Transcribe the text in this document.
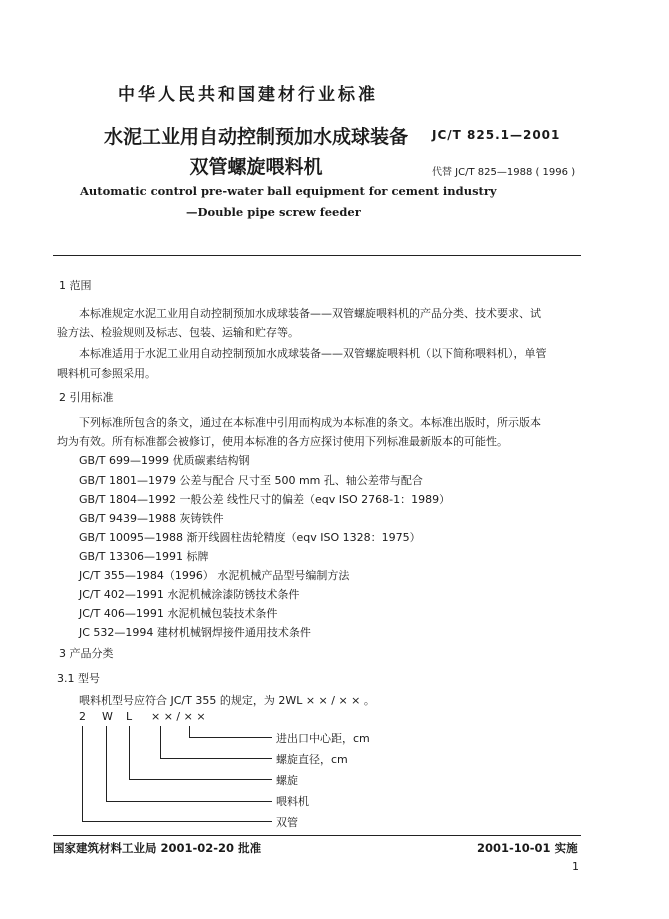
中华人民共和国建材行业标准
水泥工业用自动控制预加水成球装备
双管螺旋喂料机
JC/T 825.1—2001
代替 JC/T 825—1988 ( 1996 )
Automatic control pre-water ball equipment for cement industry
—Double pipe screw feeder
1 范围
本标准规定水泥工业用自动控制预加水成球装备——双管螺旋喂料机的产品分类、技术要求、试
验方法、检验规则及标志、包装、运输和贮存等。
本标准适用于水泥工业用自动控制预加水成球装备——双管螺旋喂料机（以下简称喂料机），单管
喂料机可参照采用。
2 引用标准
下列标准所包含的条文，通过在本标准中引用而构成为本标准的条文。本标准出版时，所示版本
均为有效。所有标准都会被修订，使用本标准的各方应探讨使用下列标准最新版本的可能性。
GB/T 699—1999 优质碳素结构钢
GB/T 1801—1979 公差与配合 尺寸至 500 mm 孔、轴公差带与配合
GB/T 1804—1992 一般公差 线性尺寸的偏差（eqv ISO 2768-1：1989）
GB/T 9439—1988 灰铸铁件
GB/T 10095—1988 渐开线圆柱齿轮精度（eqv ISO 1328：1975）
GB/T 13306—1991 标牌
JC/T 355—1984（1996） 水泥机械产品型号编制方法
JC/T 402—1991 水泥机械涂漆防锈技术条件
JC/T 406—1991 水泥机械包装技术条件
JC 532—1994 建材机械钢焊接件通用技术条件
3 产品分类
3.1 型号
喂料机型号应符合 JC/T 355 的规定，为 2WL × × / × × 。
2 W L × × / × ×
进出口中心距，cm
螺旋直径，cm
螺旋
喂料机
双管
国家建筑材料工业局 2001-02-20 批准	2001-10-01 实施
1
